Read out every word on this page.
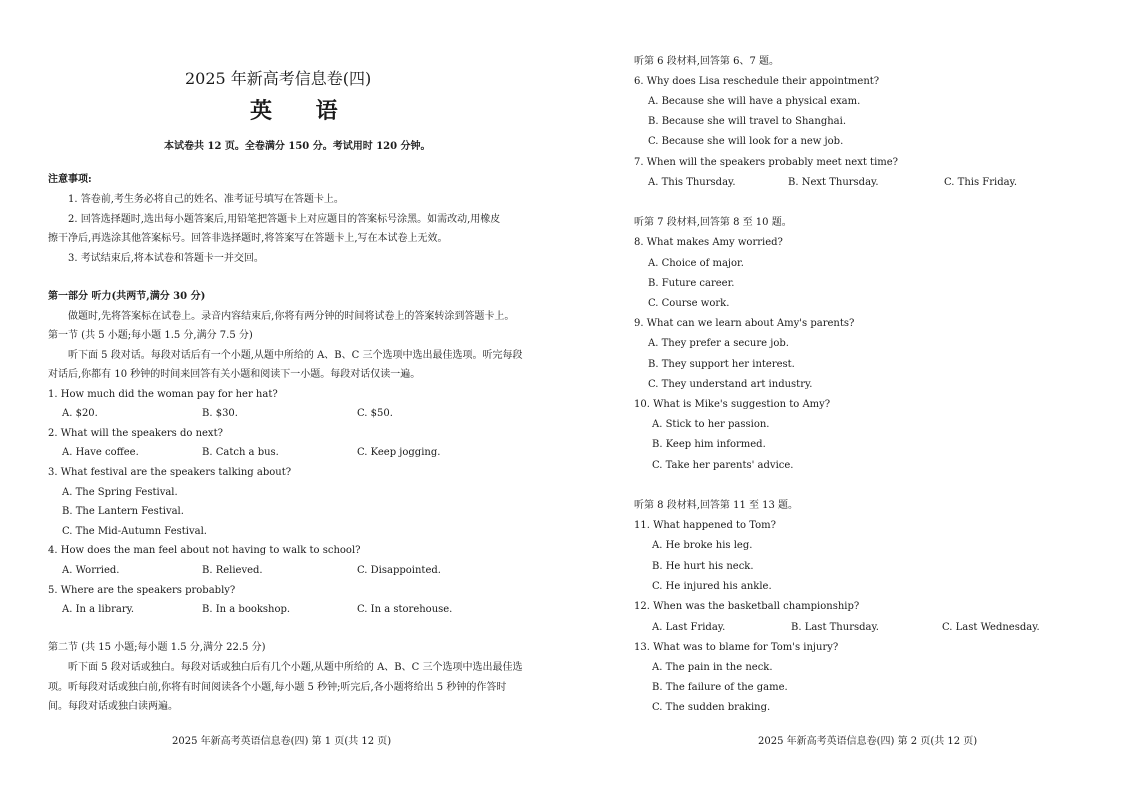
2025 年新高考信息卷(四)
英 语
本试卷共 12 页。全卷满分 150 分。考试用时 120 分钟。
注意事项:
1. 答卷前,考生务必将自己的姓名、准考证号填写在答题卡上。
2. 回答选择题时,选出每小题答案后,用铅笔把答题卡上对应题目的答案标号涂黑。如需改动,用橡皮
擦干净后,再选涂其他答案标号。回答非选择题时,将答案写在答题卡上,写在本试卷上无效。
3. 考试结束后,将本试卷和答题卡一并交回。
第一部分 听力(共两节,满分 30 分)
做题时,先将答案标在试卷上。录音内容结束后,你将有两分钟的时间将试卷上的答案转涂到答题卡上。
第一节 (共 5 小题;每小题 1.5 分,满分 7.5 分)
听下面 5 段对话。每段对话后有一个小题,从题中所给的 A、B、C 三个选项中选出最佳选项。听完每段
对话后,你都有 10 秒钟的时间来回答有关小题和阅读下一小题。每段对话仅读一遍。
1. How much did the woman pay for her hat?
A. $20.	B. $30.	C. $50.
2. What will the speakers do next?
A. Have coffee.	B. Catch a bus.	C. Keep jogging.
3. What festival are the speakers talking about?
A. The Spring Festival.
B. The Lantern Festival.
C. The Mid-Autumn Festival.
4. How does the man feel about not having to walk to school?
A. Worried.	B. Relieved.	C. Disappointed.
5. Where are the speakers probably?
A. In a library.	B. In a bookshop.	C. In a storehouse.
第二节 (共 15 小题;每小题 1.5 分,满分 22.5 分)
听下面 5 段对话或独白。每段对话或独白后有几个小题,从题中所给的 A、B、C 三个选项中选出最佳选
项。听每段对话或独白前,你将有时间阅读各个小题,每小题 5 秒钟;听完后,各小题将给出 5 秒钟的作答时
间。每段对话或独白读两遍。
2025 年新高考英语信息卷(四) 第 1 页(共 12 页)
听第 6 段材料,回答第 6、7 题。
6. Why does Lisa reschedule their appointment?
A. Because she will have a physical exam.
B. Because she will travel to Shanghai.
C. Because she will look for a new job.
7. When will the speakers probably meet next time?
A. This Thursday.	B. Next Thursday.	C. This Friday.
听第 7 段材料,回答第 8 至 10 题。
8. What makes Amy worried?
A. Choice of major.
B. Future career.
C. Course work.
9. What can we learn about Amy's parents?
A. They prefer a secure job.
B. They support her interest.
C. They understand art industry.
10. What is Mike's suggestion to Amy?
A. Stick to her passion.
B. Keep him informed.
C. Take her parents' advice.
听第 8 段材料,回答第 11 至 13 题。
11. What happened to Tom?
A. He broke his leg.
B. He hurt his neck.
C. He injured his ankle.
12. When was the basketball championship?
A. Last Friday.	B. Last Thursday.	C. Last Wednesday.
13. What was to blame for Tom's injury?
A. The pain in the neck.
B. The failure of the game.
C. The sudden braking.
2025 年新高考英语信息卷(四) 第 2 页(共 12 页)
